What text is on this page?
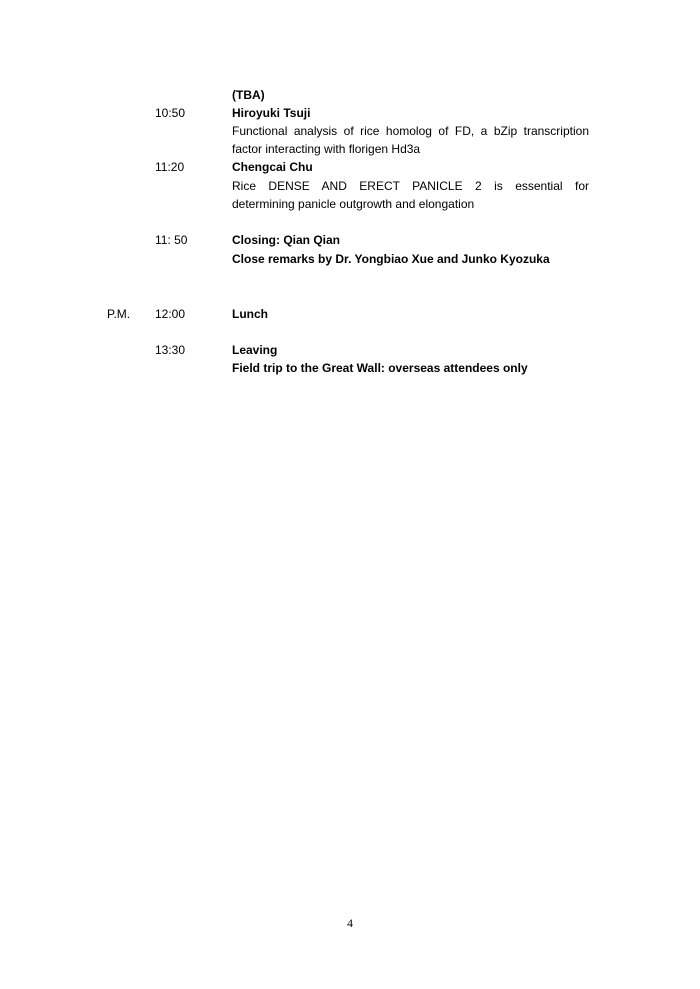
(TBA)
10:50	Hiroyuki Tsuji
Functional analysis of rice homolog of FD, a bZip transcription
factor interacting with florigen Hd3a
11:20	Chengcai Chu
Rice DENSE AND ERECT PANICLE 2 is essential for
determining panicle outgrowth and elongation
11: 50	Closing: Qian Qian
Close remarks by Dr. Yongbiao Xue and Junko Kyozuka
P.M. 12:00	Lunch
13:30	Leaving
Field trip to the Great Wall: overseas attendees only
4
